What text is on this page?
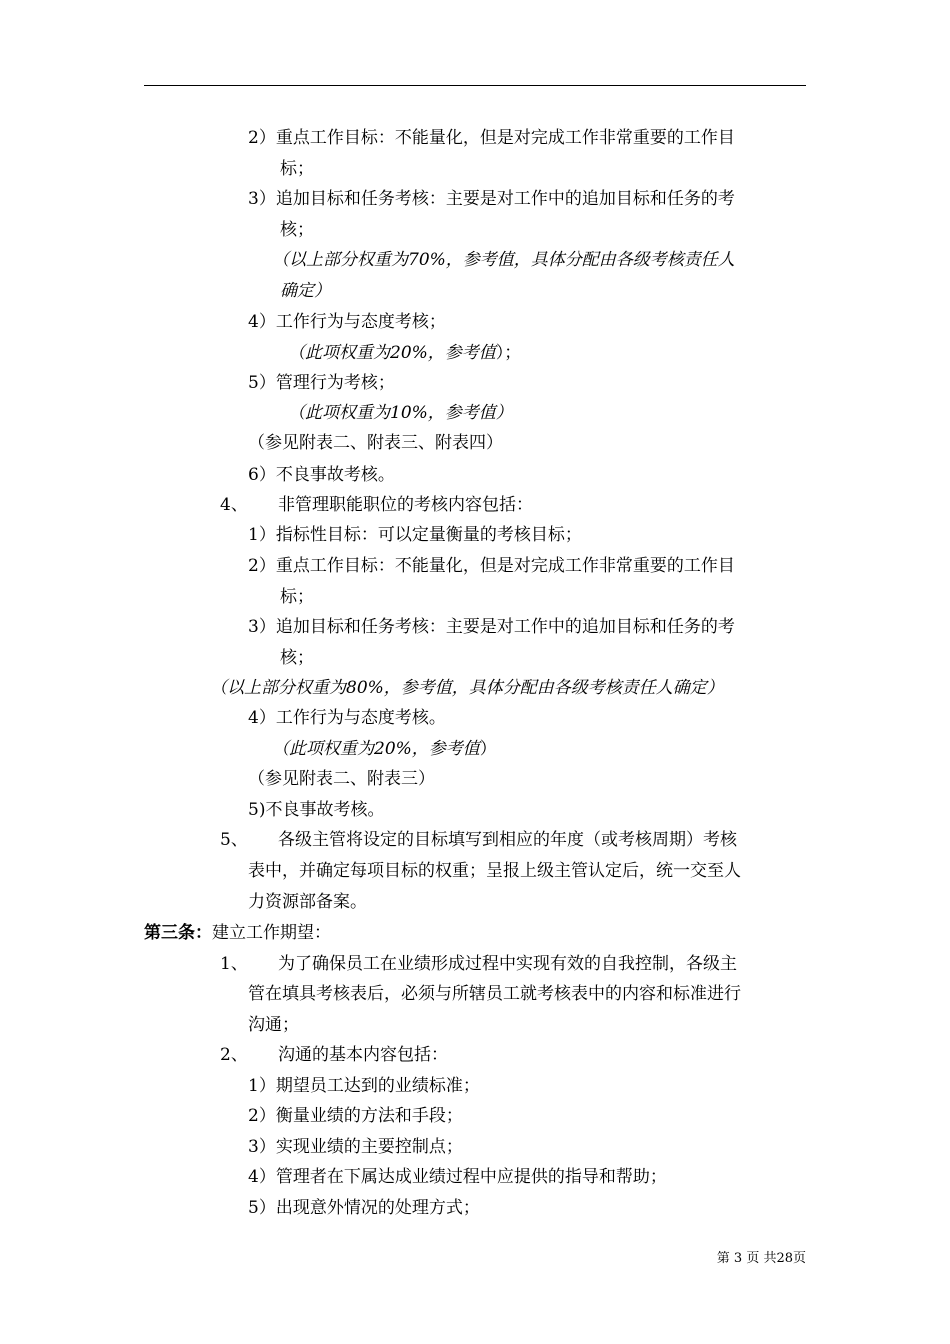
2）重点工作目标：不能量化，但是对完成工作非常重要的工作目
标；
3）追加目标和任务考核：主要是对工作中的追加目标和任务的考
核；
（以上部分权重为70%，参考值，具体分配由各级考核责任人
确定）
4）工作行为与态度考核；
（此项权重为20%，参考值）；
5）管理行为考核；
（此项权重为10%，参考值）
（参见附表二、附表三、附表四）
6）不良事故考核。
4、 非管理职能职位的考核内容包括：
1）指标性目标：可以定量衡量的考核目标；
2）重点工作目标：不能量化，但是对完成工作非常重要的工作目
标；
3）追加目标和任务考核：主要是对工作中的追加目标和任务的考
核；
（以上部分权重为80%，参考值，具体分配由各级考核责任人确定）
4）工作行为与态度考核。
（此项权重为20%，参考值）
（参见附表二、附表三）
5)不良事故考核。
5、 各级主管将设定的目标填写到相应的年度（或考核周期）考核
表中，并确定每项目标的权重；呈报上级主管认定后，统一交至人
力资源部备案。
第三条：建立工作期望：
1、 为了确保员工在业绩形成过程中实现有效的自我控制，各级主
管在填具考核表后，必须与所辖员工就考核表中的内容和标准进行
沟通；
2、 沟通的基本内容包括：
1）期望员工达到的业绩标准；
2）衡量业绩的方法和手段；
3）实现业绩的主要控制点；
4）管理者在下属达成业绩过程中应提供的指导和帮助；
5）出现意外情况的处理方式；
第 3 页 共28页
